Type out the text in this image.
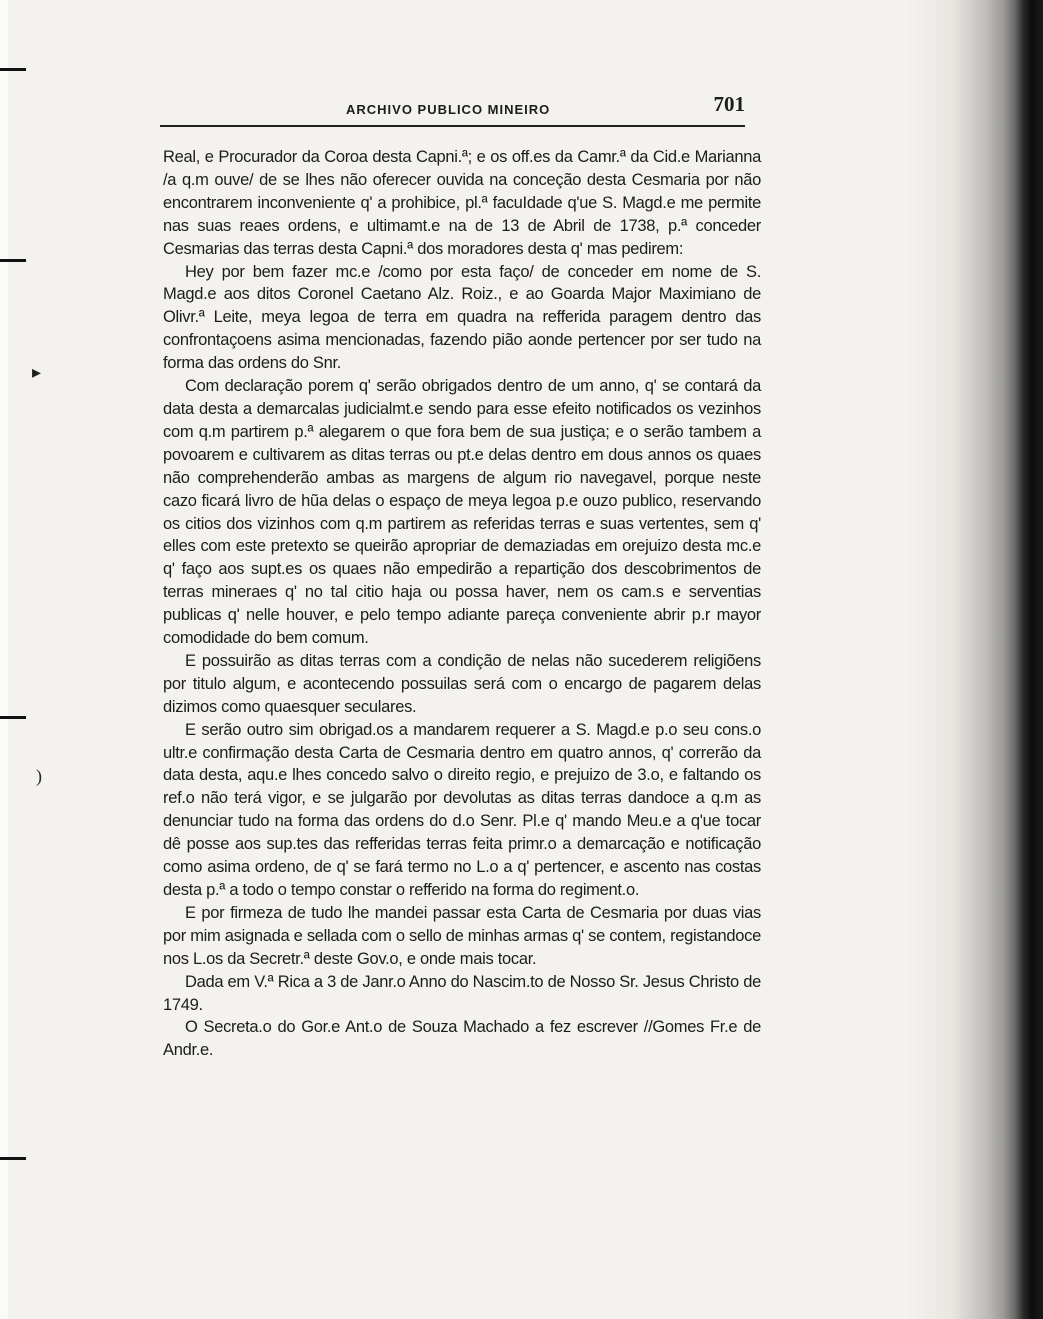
ARCHIVO PUBLICO MINEIRO	701
▸
)

Real, e Procurador da Coroa desta Capni.ª; e os off.es da Camr.ª da Cid.e Marianna /a q.m ouve/ de se lhes não oferecer ouvida na conceção desta Cesmaria por não encontrarem inconveniente q' a prohibice, pl.ª facuIdade q'ue S. Magd.e me permite nas suas reaes ordens, e ultimamt.e na de 13 de Abril de 1738, p.ª conceder Cesmarias das terras desta Capni.ª dos moradores desta q' mas pedirem:

Hey por bem fazer mc.e /como por esta faço/ de conceder em nome de S. Magd.e aos ditos Coronel Caetano Alz. Roiz., e ao Goarda Major Maximiano de Olivr.ª Leite, meya legoa de terra em quadra na refferida paragem dentro das confrontaçoens asima mencionadas, fazendo pião aonde pertencer por ser tudo na forma das ordens do Snr.

Com declaração porem q' serão obrigados dentro de um anno, q' se contará da data desta a demarcalas judicialmt.e sendo para esse efeito notificados os vezinhos com q.m partirem p.ª alegarem o que fora bem de sua justiça; e o serão tambem a povoarem e cultivarem as ditas terras ou pt.e delas dentro em dous annos os quaes não comprehenderão ambas as margens de algum rio navegavel, porque neste cazo ficará livro de hũa delas o espaço de meya legoa p.e ouzo publico, reservando os citios dos vizinhos com q.m partirem as referidas terras e suas vertentes, sem q' elles com este pretexto se queirão apropriar de demaziadas em orejuizo desta mc.e q' faço aos supt.es os quaes não empedirão a repartição dos descobrimentos de terras mineraes q' no tal citio haja ou possa haver, nem os cam.s e serventias publicas q' nelle houver, e pelo tempo adiante pareça conveniente abrir p.r mayor comodidade do bem comum.

E possuirão as ditas terras com a condição de nelas não sucederem religiõens por titulo algum, e acontecendo possuilas será com o encargo de pagarem delas dizimos como quaesquer seculares.

E serão outro sim obrigad.os a mandarem requerer a S. Magd.e p.o seu cons.o ultr.e confirmação desta Carta de Cesmaria dentro em quatro annos, q' correrão da data desta, aqu.e lhes concedo salvo o direito regio, e prejuizo de 3.o, e faltando os ref.o não terá vigor, e se julgarão por devolutas as ditas terras dandoce a q.m as denunciar tudo na forma das ordens do d.o Senr. Pl.e q' mando Meu.e a q'ue tocar dê posse aos sup.tes das refferidas terras feita primr.o a demarcação e notificação como asima ordeno, de q' se fará termo no L.o a q' pertencer, e ascento nas costas desta p.ª a todo o tempo constar o refferido na forma do regiment.o.

E por firmeza de tudo lhe mandei passar esta Carta de Cesmaria por duas vias por mim asignada e sellada com o sello de minhas armas q' se contem, registandoce nos L.os da Secretr.ª deste Gov.o, e onde mais tocar.

Dada em V.ª Rica a 3 de Janr.o Anno do Nascim.to de Nosso Sr. Jesus Christo de 1749.

O Secreta.o do Gor.e Ant.o de Souza Machado a fez escrever //Gomes Fr.e de Andr.e.
